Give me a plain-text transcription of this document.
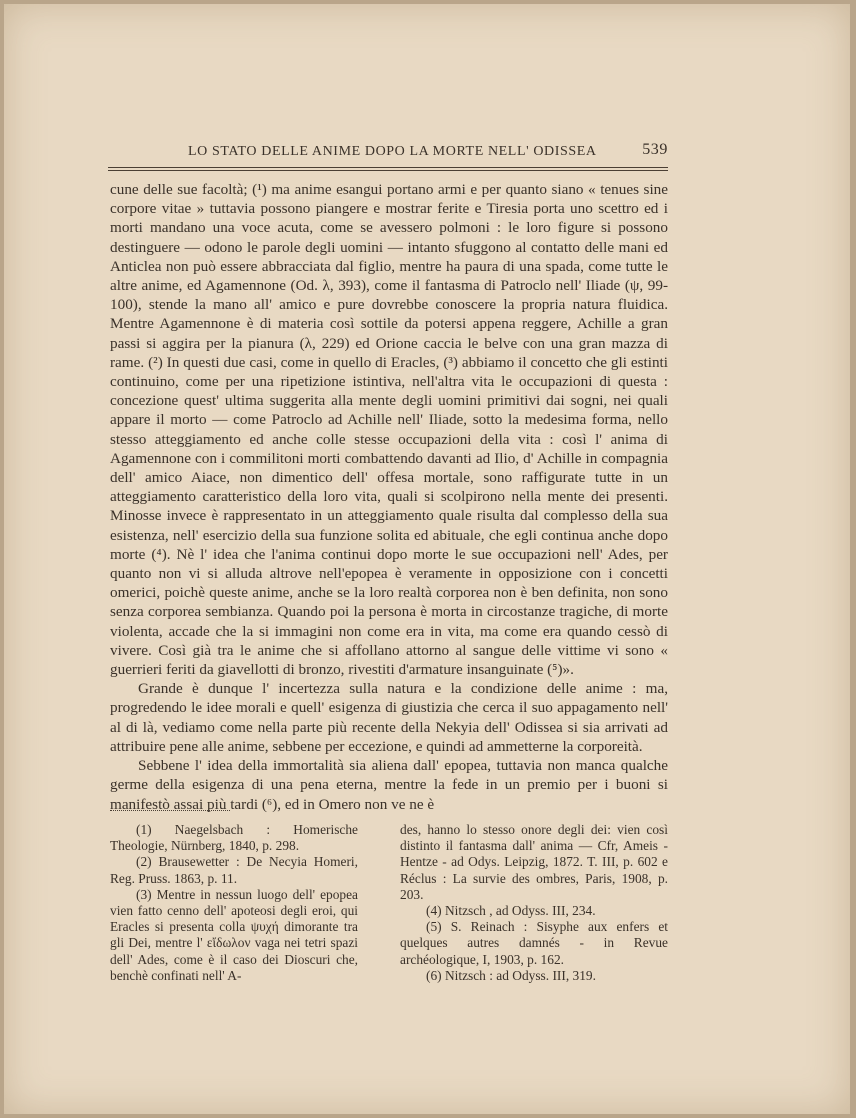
LO STATO DELLE ANIME DOPO LA MORTE NELL' ODISSEA	539

cune delle sue facoltà; (¹) ma anime esangui portano armi e per quanto siano « tenues sine corpore vitae » tuttavia possono piangere e mostrar ferite e Tiresia porta uno scettro ed i morti mandano una voce acuta, come se avessero polmoni : le loro figure si possono destinguere — odono le parole degli uomini — intanto sfuggono al contatto delle mani ed Anticlea non può essere abbracciata dal figlio, mentre ha paura di una spada, come tutte le altre anime, ed Agamennone (Od. λ, 393), come il fantasma di Patroclo nell' Iliade (ψ, 99-100), stende la mano all' amico e pure dovrebbe conoscere la propria natura fluidica. Mentre Agamennone è di materia così sottile da potersi appena reggere, Achille a gran passi si aggira per la pianura (λ, 229) ed Orione caccia le belve con una gran mazza di rame. (²) In questi due casi, come in quello di Eracles, (³) abbiamo il concetto che gli estinti continuino, come per una ripetizione istintiva, nell'altra vita le occupazioni di questa : concezione quest' ultima suggerita alla mente degli uomini primitivi dai sogni, nei quali appare il morto — come Patroclo ad Achille nell' Iliade, sotto la medesima forma, nello stesso atteggiamento ed anche colle stesse occupazioni della vita : così l' anima di Agamennone con i commilitoni morti combattendo davanti ad Ilio, d' Achille in compagnia dell' amico Aiace, non dimentico dell' offesa mortale, sono raffigurate tutte in un atteggiamento caratteristico della loro vita, quali si scolpirono nella mente dei presenti. Minosse invece è rappresentato in un atteggiamento quale risulta dal complesso della sua esistenza, nell' esercizio della sua funzione solita ed abituale, che egli continua anche dopo morte (⁴). Nè l' idea che l'anima continui dopo morte le sue occupazioni nell' Ades, per quanto non vi si alluda altrove nell'epopea è veramente in opposizione con i concetti omerici, poichè queste anime, anche se la loro realtà corporea non è ben definita, non sono senza corporea sembianza. Quando poi la persona è morta in circostanze tragiche, di morte violenta, accade che la si immagini non come era in vita, ma come era quando cessò di vivere. Così già tra le anime che si affollano attorno al sangue delle vittime vi sono « guerrieri feriti da giavellotti di bronzo, rivestiti d'armature insanguinate (⁵)».

Grande è dunque l' incertezza sulla natura e la condizione delle anime : ma, progredendo le idee morali e quell' esigenza di giustizia che cerca il suo appagamento nell' al di là, vediamo come nella parte più recente della Nekyia dell' Odissea si sia arrivati ad attribuire pene alle anime, sebbene per eccezione, e quindi ad ammetterne la corporeità.

Sebbene l' idea della immortalità sia aliena dall' epopea, tuttavia non manca qualche germe della esigenza di una pena eterna, mentre la fede in un premio per i buoni si manifestò assai più tardi (⁶), ed in Omero non ve ne è

(1) Naegelsbach : Homerische Theologie, Nürnberg, 1840, p. 298.

(2) Brausewetter : De Necyia Homeri, Reg. Pruss. 1863, p. 11.

(3) Mentre in nessun luogo dell' epopea vien fatto cenno dell' apoteosi degli eroi, qui Eracles si presenta colla ψυχή dimorante tra gli Dei, mentre l' εἴδωλον vaga nei tetri spazi dell' Ades, come è il caso dei Dioscuri che, benchè confinati nell' A-

des, hanno lo stesso onore degli dei: vien così distinto il fantasma dall' anima — Cfr, Ameis - Hentze - ad Odys. Leipzig, 1872. T. III, p. 602 e Réclus : La survie des ombres, Paris, 1908, p. 203.

(4) Nitzsch , ad Odyss. III, 234.

(5) S. Reinach : Sisyphe aux enfers et quelques autres damnés - in Revue archéologique, I, 1903, p. 162.

(6) Nitzsch : ad Odyss. III, 319.
